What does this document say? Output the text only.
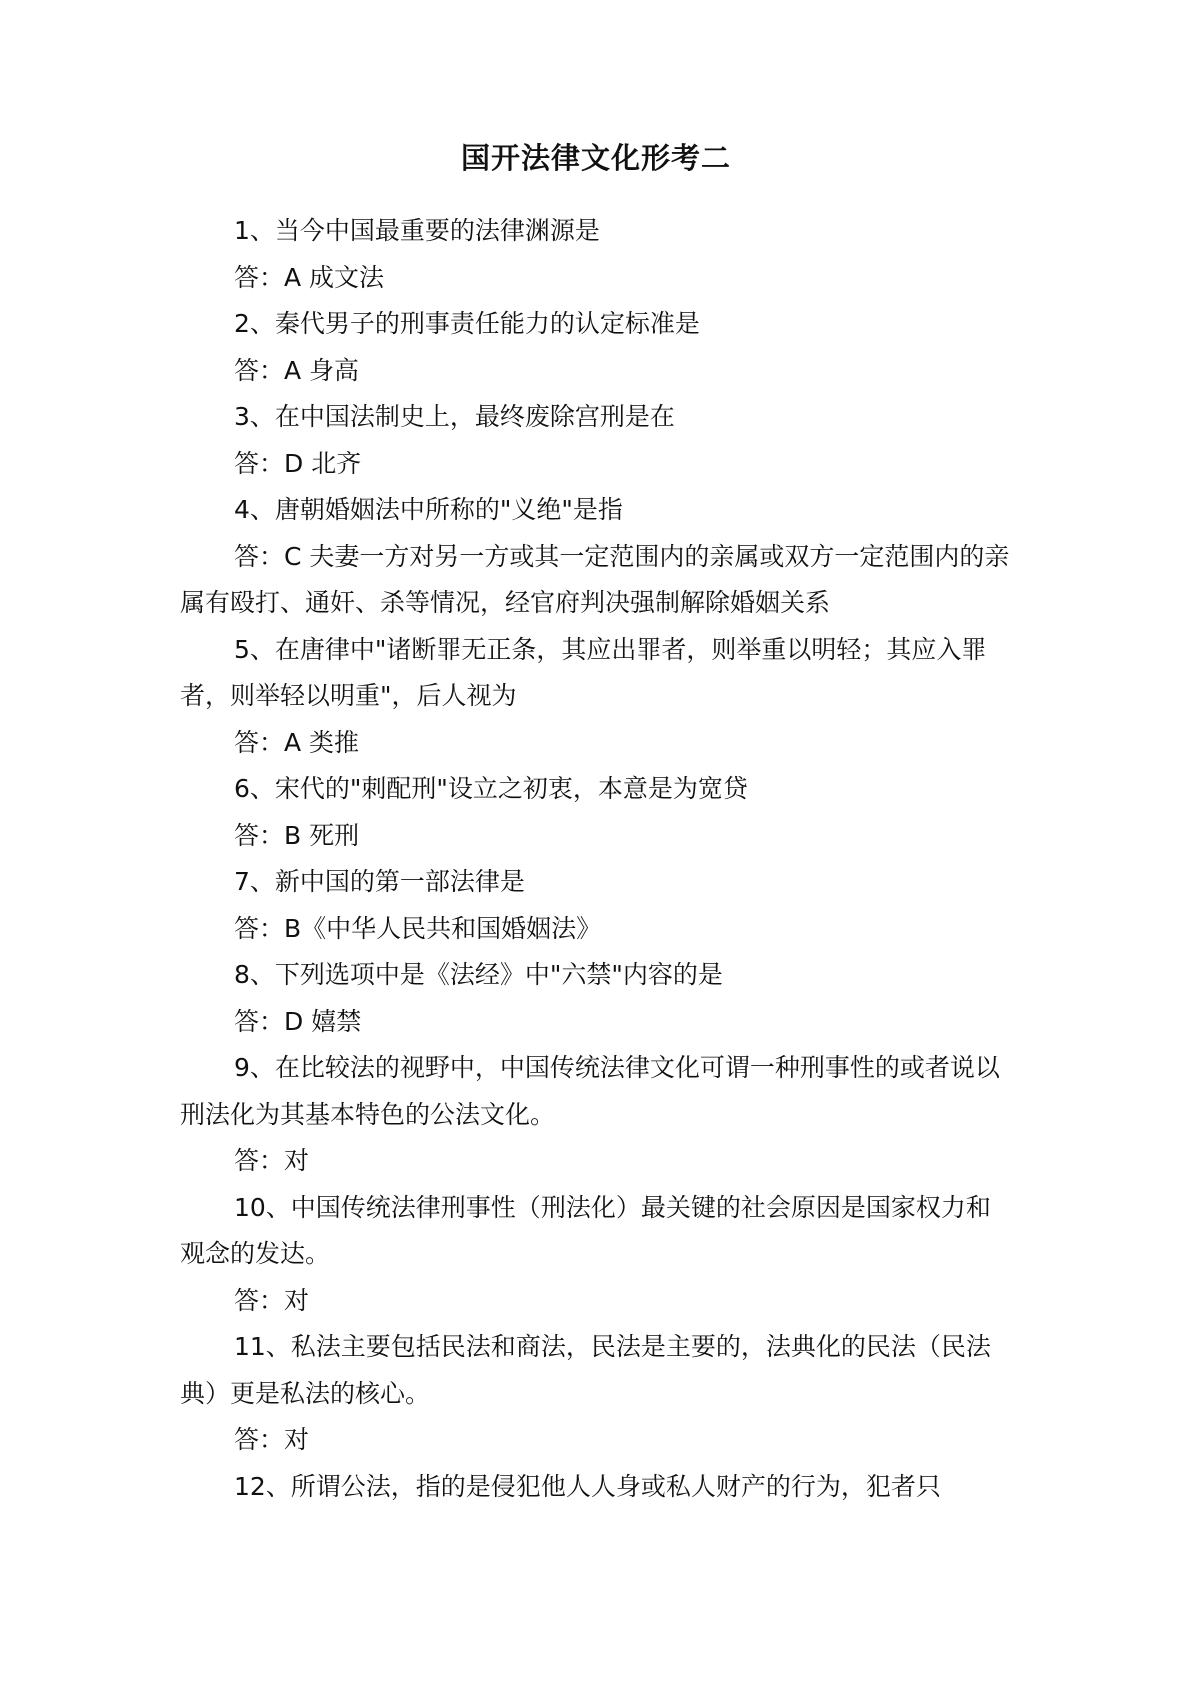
国开法律文化形考二

1、当今中国最重要的法律渊源是

答：A 成文法

2、秦代男子的刑事责任能力的认定标准是

答：A 身高

3、在中国法制史上，最终废除宫刑是在

答：D 北齐

4、唐朝婚姻法中所称的"义绝"是指

答：C 夫妻一方对另一方或其一定范围内的亲属或双方一定范围内的亲属有殴打、通奸、杀等情况，经官府判决强制解除婚姻关系

5、在唐律中"诸断罪无正条，其应出罪者，则举重以明轻；其应入罪者，则举轻以明重"，后人视为

答：A 类推

6、宋代的"刺配刑"设立之初衷，本意是为宽贷

答：B 死刑

7、新中国的第一部法律是

答：B《中华人民共和国婚姻法》

8、下列选项中是《法经》中"六禁"内容的是

答：D 嬉禁

9、在比较法的视野中，中国传统法律文化可谓一种刑事性的或者说以刑法化为其基本特色的公法文化。

答：对

10、中国传统法律刑事性（刑法化）最关键的社会原因是国家权力和观念的发达。

答：对

11、私法主要包括民法和商法，民法是主要的，法典化的民法（民法典）更是私法的核心。

答：对

12、所谓公法，指的是侵犯他人人身或私人财产的行为，犯者只
